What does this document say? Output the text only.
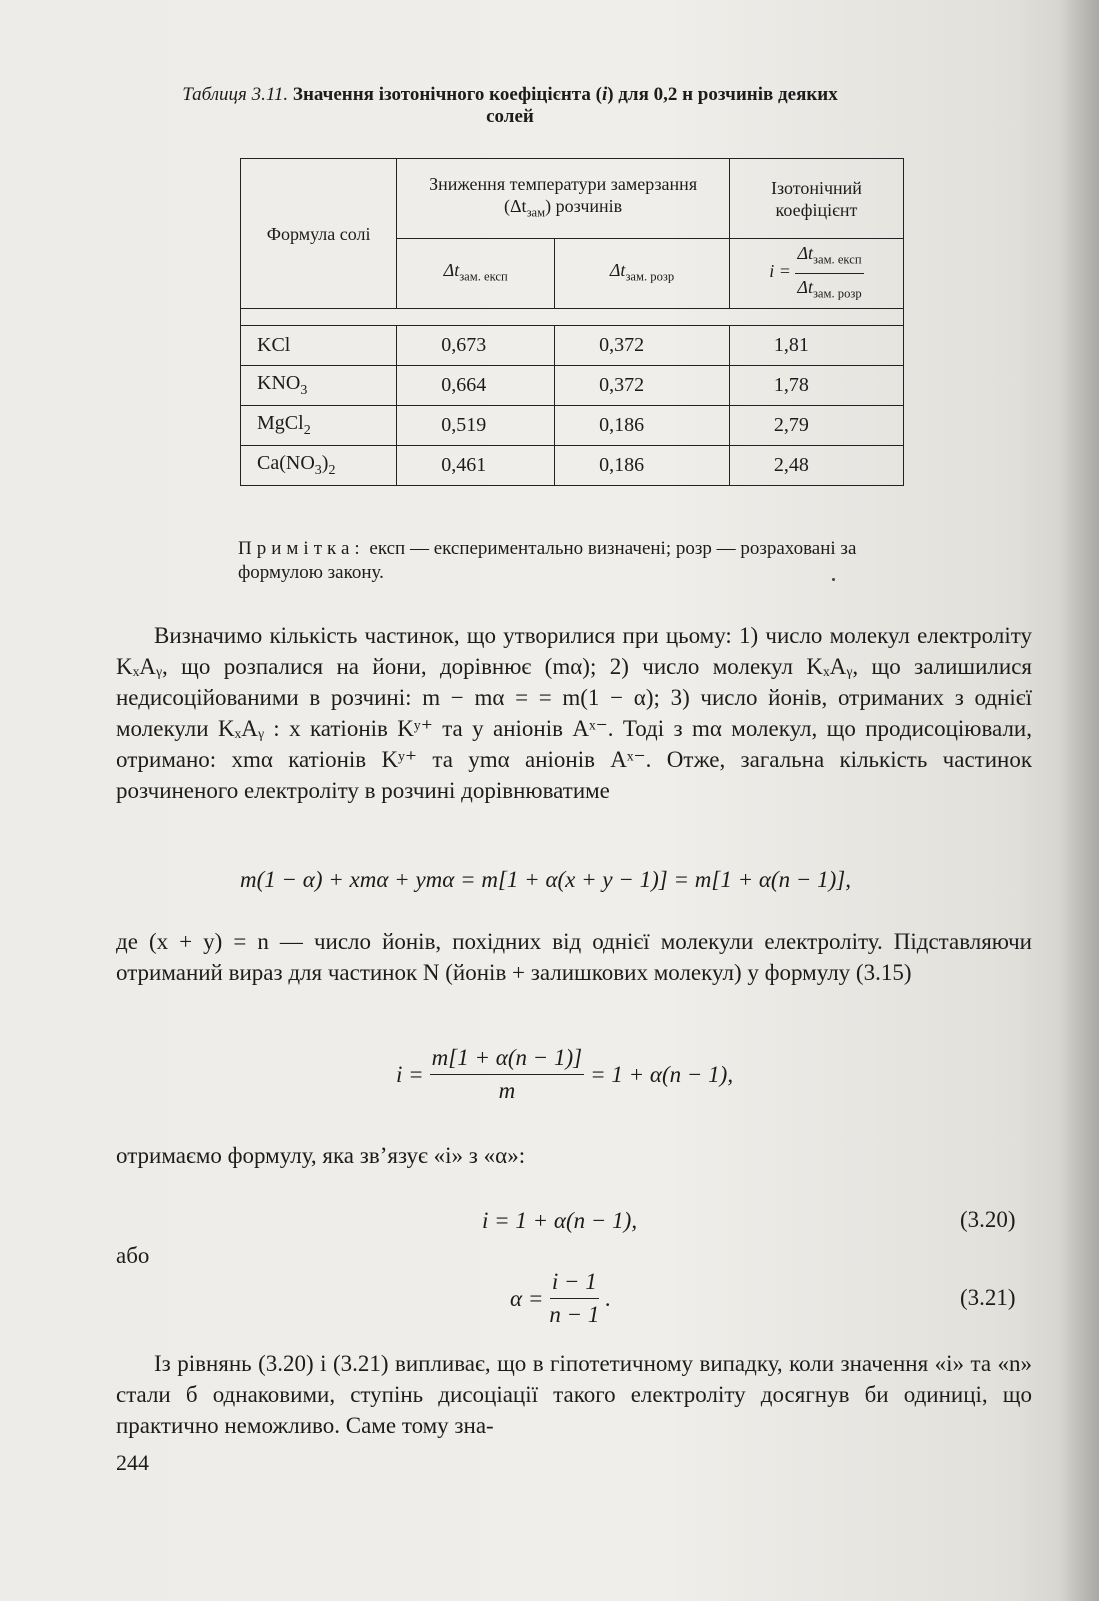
Таблиця 3.11. Значення ізотонічного коефіцієнта (i) для 0,2 н розчинів деяких солей
Формула солі	Зниження температури замерзання $(\Delta t_{зам})$ розчинів		Ізотонічний коефіцієнт
	$\Delta t_{зам. експ}$	$\Delta t_{зам. розр}$	$i = \frac{\Delta t_{зам. експ}}{\Delta t_{зам. розр}}$

KCl	0,673	0,372	1,81
$KNO_3$	0,664	0,372	1,78
MgCl$_2$	0,519	0,186	2,79
$Ca(NO_3)_2$	0,461	0,186	2,48
Примітка: експ — експериментально визначені; розр — розраховані за формулою закону.
Визначимо кількість частинок, що утворилися при цьому: 1) число молекул електроліту KₓAᵧ, що розпалися на йони, дорівнює (mα); 2) число молекул KₓAᵧ, що залишилися недисоційованими в розчині: m − mα = = m(1 − α); 3) число йонів, отриманих з однієї молекули KₓAᵧ : x катіонів Kʸ⁺ та y аніонів Aˣ⁻. Тоді з mα молекул, що продисоціювали, отримано: xmα катіонів Kʸ⁺ та ymα аніонів Aˣ⁻. Отже, загальна кількість частинок розчиненого електроліту в розчині дорівнюватиме
m(1 − α) + xmα + ymα = m[1 + α(x + y − 1)] = m[1 + α(n − 1)],
де (x + y) = n — число йонів, похідних від однієї молекули електроліту. Підставляючи отриманий вираз для частинок N (йонів + залишкових молекул) у формулу (3.15)
$i = \frac{m[1 + \alpha(n - 1)]}{m} = 1 + \alpha(n - 1)$,
отримаємо формулу, яка зв’язує «i» з «α»:
i = 1 + α(n − 1),	(3.20)
або
$\alpha = \frac{i - 1}{n - 1}$ .	(3.21)
Із рівнянь (3.20) і (3.21) випливає, що в гіпотетичному випадку, коли значення «i» та «n» стали б однаковими, ступінь дисоціації такого електроліту досягнув би одиниці, що практично неможливо. Саме тому зна-
244
